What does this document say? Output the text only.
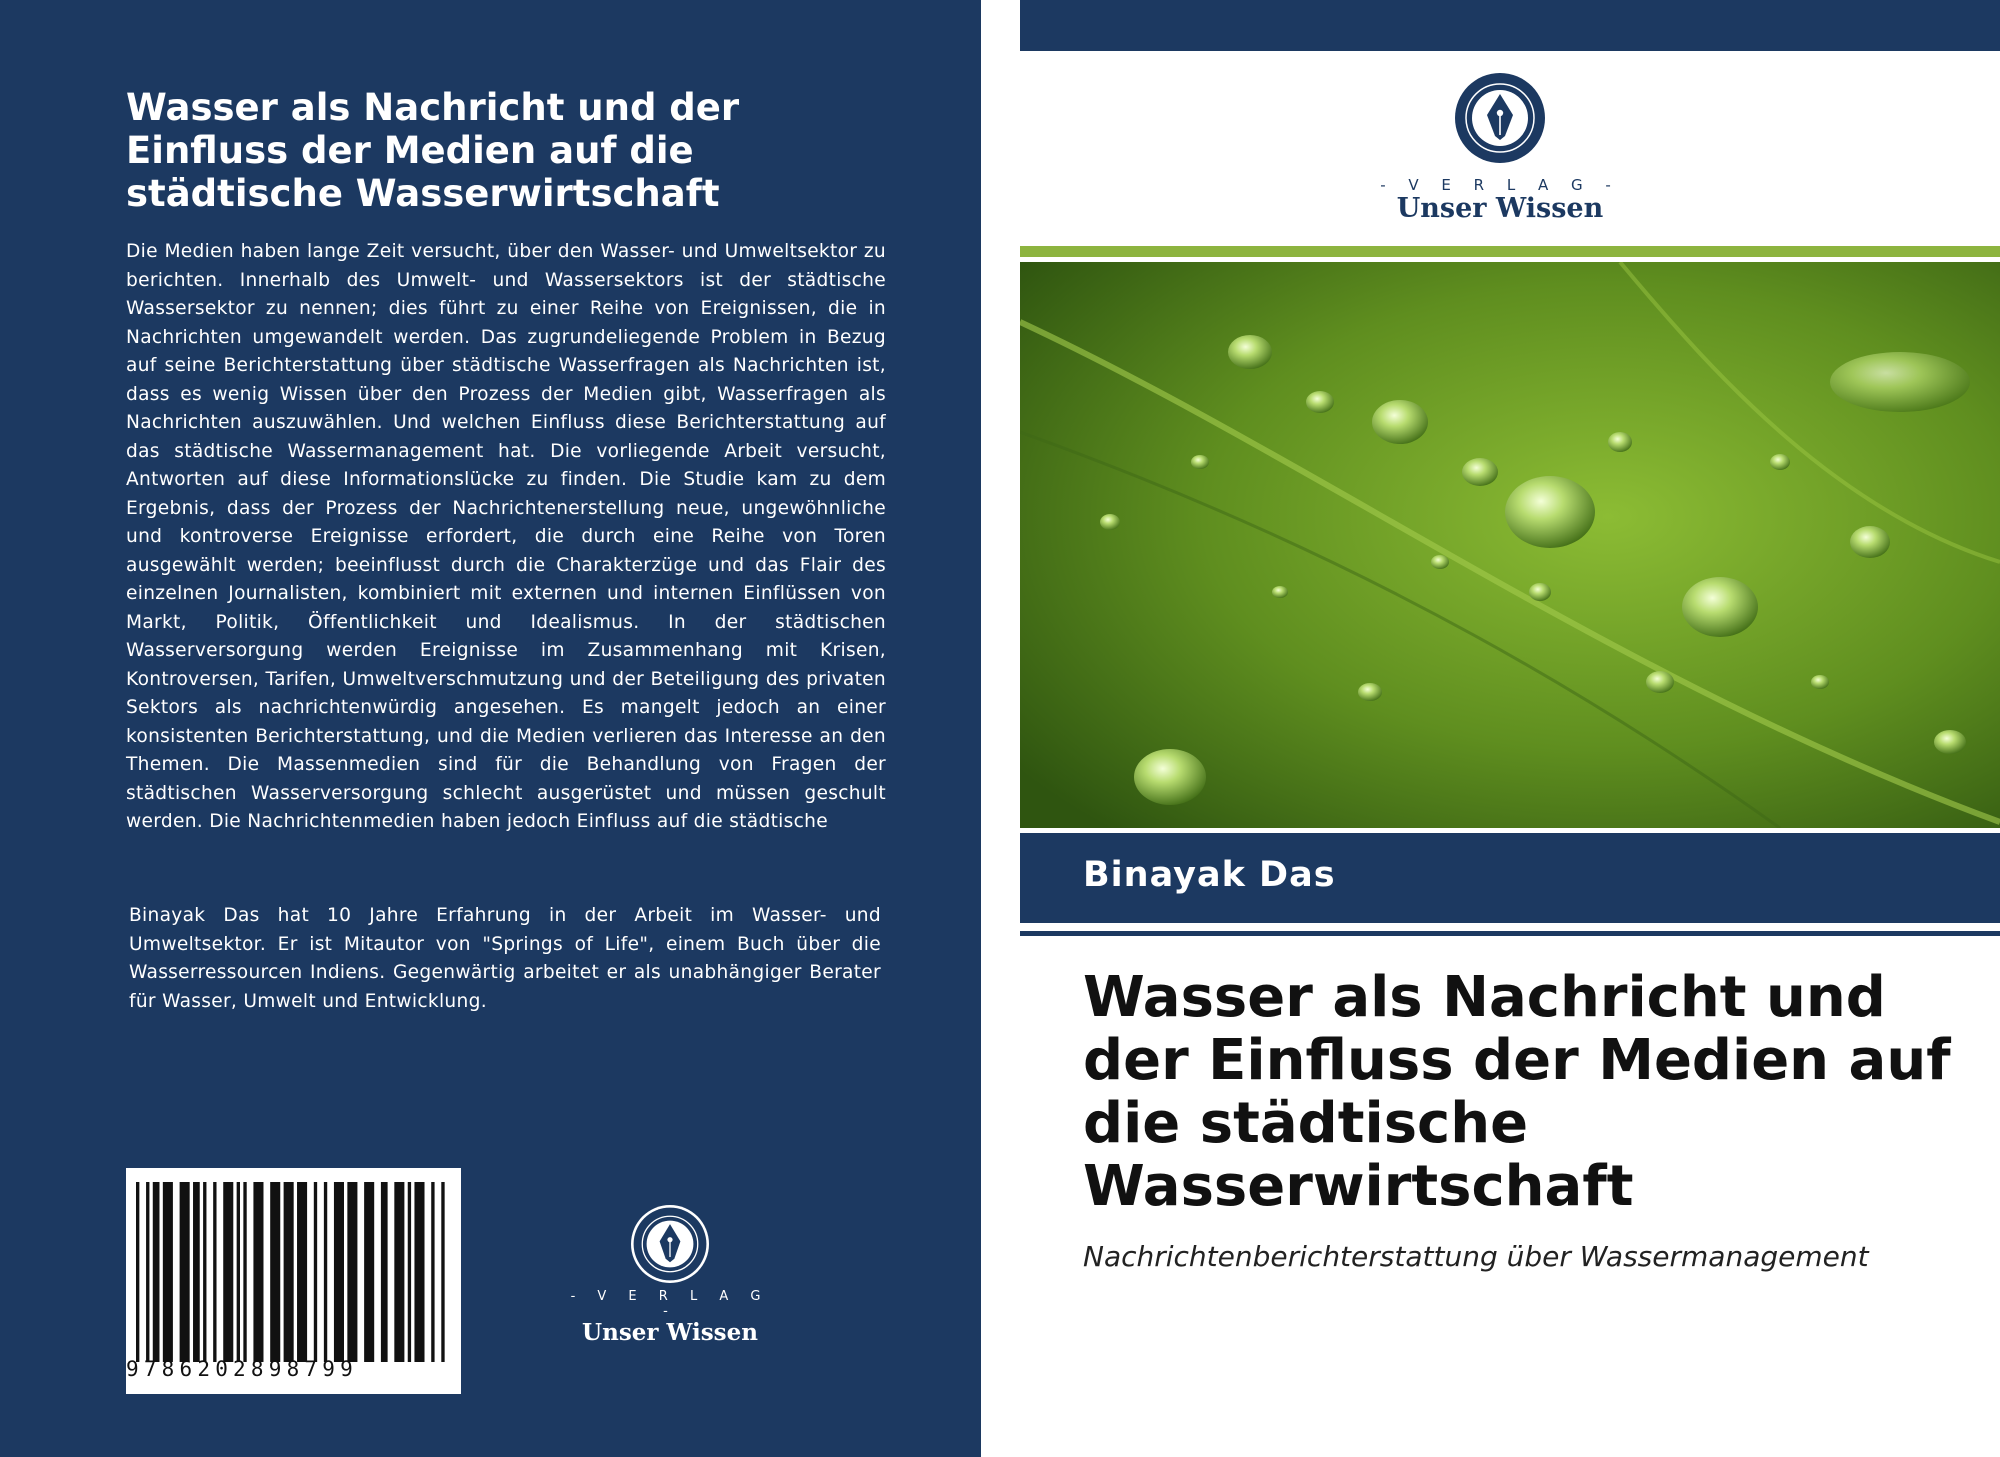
Wasser als Nachricht und der Einfluss der Medien auf die städtische Wasserwirtschaft

Die Medien haben lange Zeit versucht, über den Wasser- und Umweltsektor zu berichten. Innerhalb des Umwelt- und Wassersektors ist der städtische Wassersektor zu nennen; dies führt zu einer Reihe von Ereignissen, die in Nachrichten umgewandelt werden. Das zugrundeliegende Problem in Bezug auf seine Berichterstattung über städtische Wasserfragen als Nachrichten ist, dass es wenig Wissen über den Prozess der Medien gibt, Wasserfragen als Nachrichten auszuwählen. Und welchen Einfluss diese Berichterstattung auf das städtische Wassermanagement hat. Die vorliegende Arbeit versucht, Antworten auf diese Informationslücke zu finden. Die Studie kam zu dem Ergebnis, dass der Prozess der Nachrichtenerstellung neue, ungewöhnliche und kontroverse Ereignisse erfordert, die durch eine Reihe von Toren ausgewählt werden; beeinflusst durch die Charakterzüge und das Flair des einzelnen Journalisten, kombiniert mit externen und internen Einflüssen von Markt, Politik, Öffentlichkeit und Idealismus. In der städtischen Wasserversorgung werden Ereignisse im Zusammenhang mit Krisen, Kontroversen, Tarifen, Umweltverschmutzung und der Beteiligung des privaten Sektors als nachrichtenwürdig angesehen. Es mangelt jedoch an einer konsistenten Berichterstattung, und die Medien verlieren das Interesse an den Themen. Die Massenmedien sind für die Behandlung von Fragen der städtischen Wasserversorgung schlecht ausgerüstet und müssen geschult werden. Die Nachrichtenmedien haben jedoch Einfluss auf die städtische

Binayak Das hat 10 Jahre Erfahrung in der Arbeit im Wasser- und Umweltsektor. Er ist Mitautor von "Springs of Life", einem Buch über die Wasserressourcen Indiens. Gegenwärtig arbeitet er als unabhängiger Berater für Wasser, Umwelt und Entwicklung.

9786202898799
- V E R L A G -
Unser Wissen
- V E R L A G -
Unser Wissen
Binayak Das
Wasser als Nachricht und der Einfluss der Medien auf die städtische Wasserwirtschaft
Nachrichtenberichterstattung über Wassermanagement
